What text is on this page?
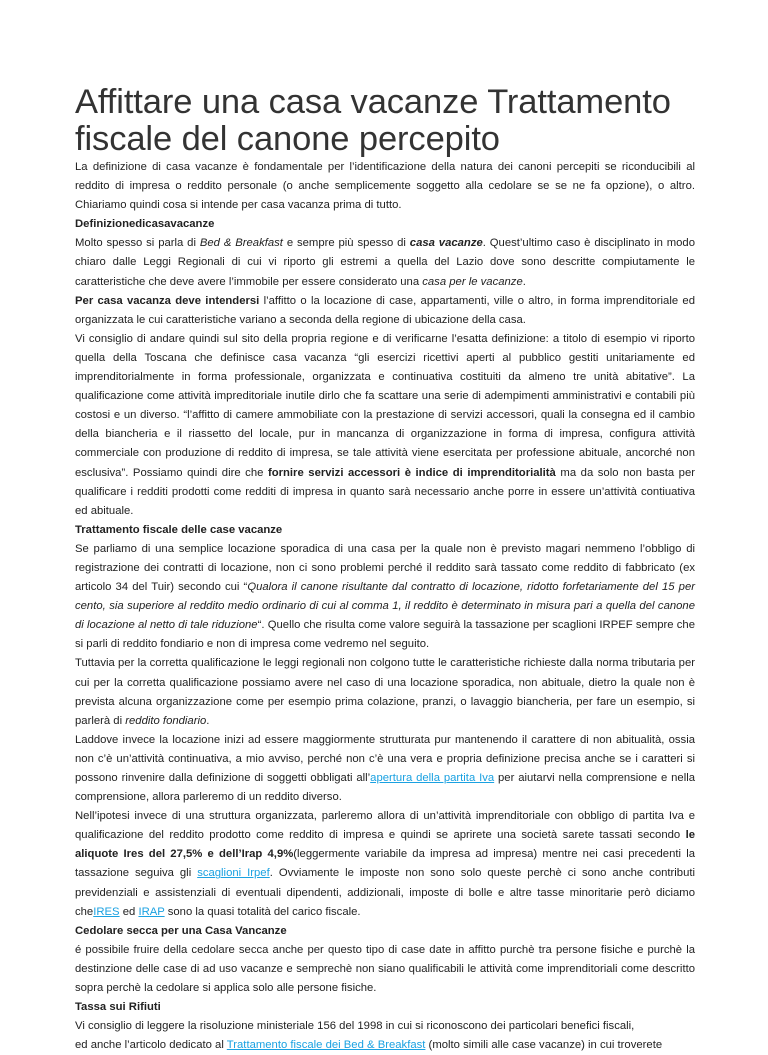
Affittare una casa vacanze Trattamento fiscale del canone percepito

La definizione di casa vacanze è fondamentale per l’identificazione della natura dei canoni percepiti se riconducibili al reddito di impresa o reddito personale (o anche semplicemente soggetto alla cedolare se se ne fa opzione), o altro. Chiariamo quindi cosa si intende per casa vacanza prima di tutto.

Definizionedicasavacanze

Molto spesso si parla di Bed & Breakfast e sempre più spesso di casa vacanze. Quest’ultimo caso è disciplinato in modo chiaro dalle Leggi Regionali di cui vi riporto gli estremi a quella del Lazio dove sono descritte compiutamente le caratteristiche che deve avere l’immobile per essere considerato una casa per le vacanze.

Per casa vacanza deve intendersi l’affitto o la locazione di case, appartamenti, ville o altro, in forma imprenditoriale ed organizzata le cui caratteristiche variano a seconda della regione di ubicazione della casa.

Vi consiglio di andare quindi sul sito della propria regione e di verificarne l’esatta definizione: a titolo di esempio vi riporto quella della Toscana che definisce casa vacanza “gli esercizi ricettivi aperti al pubblico gestiti unitariamente ed imprenditorialmente in forma professionale, organizzata e continuativa costituiti da almeno tre unità abitative”. La qualificazione come attività impreditoriale inutile dirlo che fa scattare una serie di adempimenti amministrativi e contabili più costosi e un diverso. “l’affitto di camere ammobiliate con la prestazione di servizi accessori, quali la consegna ed il cambio della biancheria e il riassetto del locale, pur in mancanza di organizzazione in forma di impresa, configura attività commerciale con produzione di reddito di impresa, se tale attività viene esercitata per professione abituale, ancorché non esclusiva”. Possiamo quindi dire che fornire servizi accessori è indice di imprenditorialità ma da solo non basta per qualificare i redditi prodotti come redditi di impresa in quanto sarà necessario anche porre in essere un’attività contiuativa ed abituale.

Trattamento fiscale delle case vacanze

Se parliamo di una semplice locazione sporadica di una casa per la quale non è previsto magari nemmeno l’obbligo di registrazione dei contratti di locazione, non ci sono problemi perché il reddito sarà tassato come reddito di fabbricato (ex articolo 34 del Tuir) secondo cui “Qualora il canone risultante dal contratto di locazione, ridotto forfetariamente del 15 per cento, sia superiore al reddito medio ordinario di cui al comma 1, il reddito è determinato in misura pari a quella del canone di locazione al netto di tale riduzione“. Quello che risulta come valore seguirà la tassazione per scaglioni IRPEF sempre che si parli di reddito fondiario e non di impresa come vedremo nel seguito.

Tuttavia per la corretta qualificazione le leggi regionali non colgono tutte le caratteristiche richieste dalla norma tributaria per cui per la corretta qualificazione possiamo avere nel caso di una locazione sporadica, non abituale, dietro la quale non è prevista alcuna organizzazione come per esempio prima colazione, pranzi, o lavaggio biancheria, per fare un esempio, si parlerà di reddito fondiario.

Laddove invece la locazione inizi ad essere maggiormente strutturata pur mantenendo il carattere di non abitualità, ossia non c’è un’attività continuativa, a mio avviso, perché non c’è una vera e propria definizione precisa anche se i caratteri si possono rinvenire dalla definizione di soggetti obbligati all’apertura della partita Iva per aiutarvi nella comprensione e nella comprensione, allora parleremo di un reddito diverso.

Nell’ipotesi invece di una struttura organizzata, parleremo allora di un’attività imprenditoriale con obbligo di partita Iva e qualificazione del reddito prodotto come reddito di impresa e quindi se aprirete una società sarete tassati secondo le aliquote Ires del 27,5% e dell’Irap 4,9%(leggermente variabile da impresa ad impresa) mentre nei casi precedenti la tassazione seguiva gli scaglioni Irpef. Ovviamente le imposte non sono solo queste perchè ci sono anche contributi previdenziali e assistenziali di eventuali dipendenti, addizionali, imposte di bolle e altre tasse minoritarie però diciamo cheIRES ed IRAP sono la quasi totalità del carico fiscale.

Cedolare secca per una Casa Vancanze

é possibile fruire della cedolare secca anche per questo tipo di case date in affitto purchè tra persone fisiche e purchè la destinzione delle case di ad uso vacanze e semprechè non siano qualificabili le attività come imprenditoriali come descritto sopra perchè la cedolare si applica solo alle persone fisiche.

Tassa sui Rifiuti

Vi consiglio di leggere la risoluzione ministeriale 156 del 1998 in cui si riconoscono dei particolari benefici fiscali,
ed anche l’articolo dedicato al Trattamento fiscale dei Bed & Breakfast (molto simili alle case vacanze) in cui troverete
